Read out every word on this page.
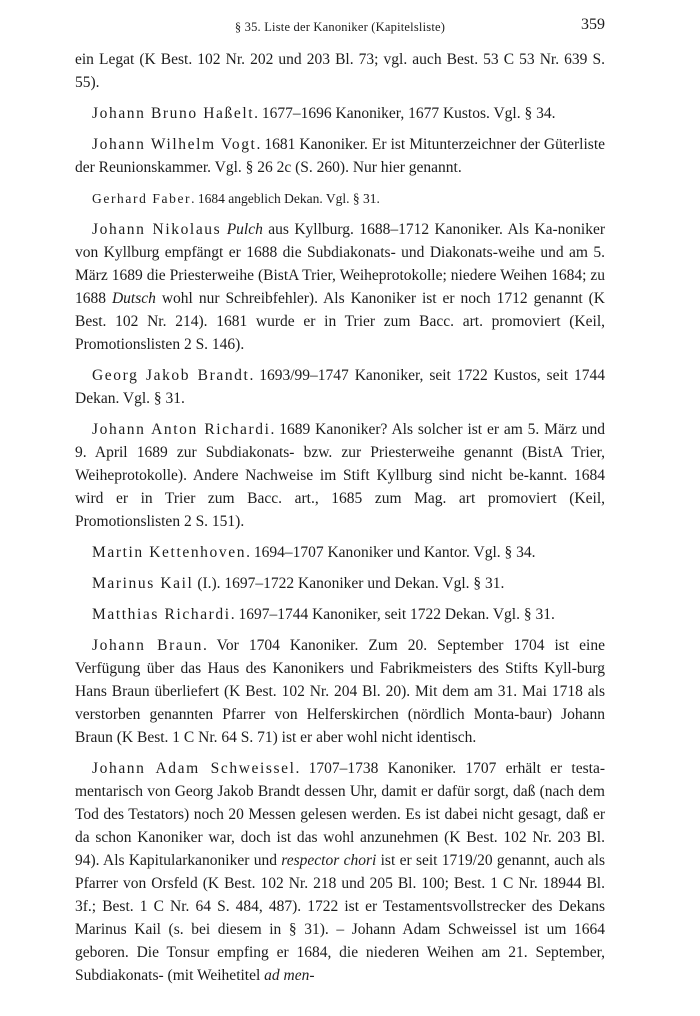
§ 35. Liste der Kanoniker (Kapitelsliste)	359

ein Legat (K Best. 102 Nr. 202 und 203 Bl. 73; vgl. auch Best. 53 C 53 Nr. 639 S. 55).

Johann Bruno Haßelt. 1677–1696 Kanoniker, 1677 Kustos. Vgl. § 34.

Johann Wilhelm Vogt. 1681 Kanoniker. Er ist Mitunterzeichner der Güterliste der Reunionskammer. Vgl. § 26 2c (S. 260). Nur hier genannt.

Gerhard Faber. 1684 angeblich Dekan. Vgl. § 31.

Johann Nikolaus Pulch aus Kyllburg. 1688–1712 Kanoniker. Als Ka-noniker von Kyllburg empfängt er 1688 die Subdiakonats- und Diakonats-weihe und am 5. März 1689 die Priesterweihe (BistA Trier, Weiheprotokolle; niedere Weihen 1684; zu 1688 Dutsch wohl nur Schreibfehler). Als Kanoniker ist er noch 1712 genannt (K Best. 102 Nr. 214). 1681 wurde er in Trier zum Bacc. art. promoviert (Keil, Promotionslisten 2 S. 146).

Georg Jakob Brandt. 1693/99–1747 Kanoniker, seit 1722 Kustos, seit 1744 Dekan. Vgl. § 31.

Johann Anton Richardi. 1689 Kanoniker? Als solcher ist er am 5. März und 9. April 1689 zur Subdiakonats- bzw. zur Priesterweihe genannt (BistA Trier, Weiheprotokolle). Andere Nachweise im Stift Kyllburg sind nicht be-kannt. 1684 wird er in Trier zum Bacc. art., 1685 zum Mag. art promoviert (Keil, Promotionslisten 2 S. 151).

Martin Kettenhoven. 1694–1707 Kanoniker und Kantor. Vgl. § 34.

Marinus Kail (I.). 1697–1722 Kanoniker und Dekan. Vgl. § 31.

Matthias Richardi. 1697–1744 Kanoniker, seit 1722 Dekan. Vgl. § 31.

Johann Braun. Vor 1704 Kanoniker. Zum 20. September 1704 ist eine Verfügung über das Haus des Kanonikers und Fabrikmeisters des Stifts Kyll-burg Hans Braun überliefert (K Best. 102 Nr. 204 Bl. 20). Mit dem am 31. Mai 1718 als verstorben genannten Pfarrer von Helferskirchen (nördlich Monta-baur) Johann Braun (K Best. 1 C Nr. 64 S. 71) ist er aber wohl nicht identisch.

Johann Adam Schweissel. 1707–1738 Kanoniker. 1707 erhält er testa-mentarisch von Georg Jakob Brandt dessen Uhr, damit er dafür sorgt, daß (nach dem Tod des Testators) noch 20 Messen gelesen werden. Es ist dabei nicht gesagt, daß er da schon Kanoniker war, doch ist das wohl anzunehmen (K Best. 102 Nr. 203 Bl. 94). Als Kapitularkanoniker und respector chori ist er seit 1719/20 genannt, auch als Pfarrer von Orsfeld (K Best. 102 Nr. 218 und 205 Bl. 100; Best. 1 C Nr. 18944 Bl. 3f.; Best. 1 C Nr. 64 S. 484, 487). 1722 ist er Testamentsvollstrecker des Dekans Marinus Kail (s. bei diesem in § 31). – Johann Adam Schweissel ist um 1664 geboren. Die Tonsur empfing er 1684, die niederen Weihen am 21. September, Subdiakonats- (mit Weihetitel ad men-
